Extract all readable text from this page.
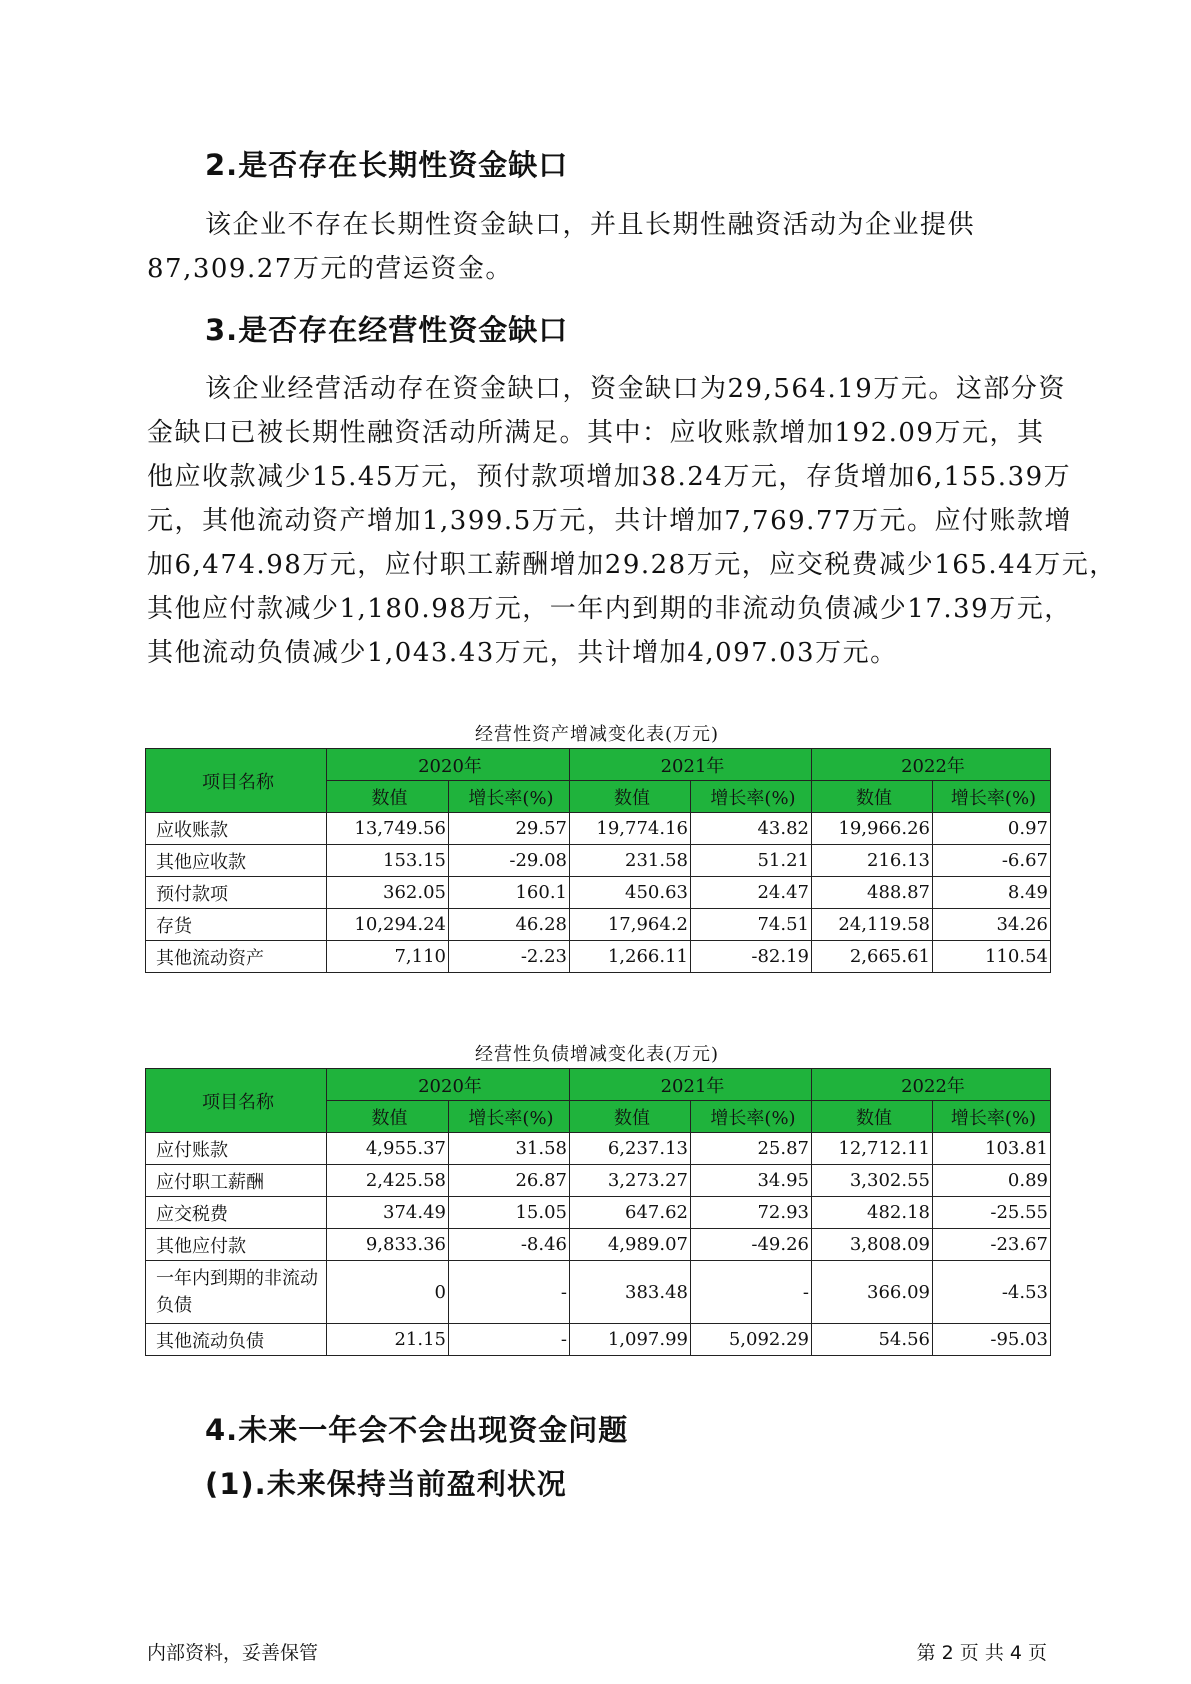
2.是否存在长期性资金缺口
该企业不存在长期性资金缺口，并且长期性融资活动为企业提供
87,309.27万元的营运资金。
3.是否存在经营性资金缺口
该企业经营活动存在资金缺口，资金缺口为29,564.19万元。这部分资
金缺口已被长期性融资活动所满足。其中：应收账款增加192.09万元，其
他应收款减少15.45万元，预付款项增加38.24万元，存货增加6,155.39万
元，其他流动资产增加1,399.5万元，共计增加7,769.77万元。应付账款增
加6,474.98万元，应付职工薪酬增加29.28万元，应交税费减少165.44万元，
其他应付款减少1,180.98万元，一年内到期的非流动负债减少17.39万元，
其他流动负债减少1,043.43万元，共计增加4,097.03万元。
经营性资产增减变化表(万元)
项目名称	2020年		2021年		2022年	
	数值	增长率(%)	数值	增长率(%)	数值	增长率(%)
应收账款	13,749.56	29.57	19,774.16	43.82	19,966.26	0.97
其他应收款	153.15	-29.08	231.58	51.21	216.13	-6.67
预付款项	362.05	160.1	450.63	24.47	488.87	8.49
存货	10,294.24	46.28	17,964.2	74.51	24,119.58	34.26
其他流动资产	7,110	-2.23	1,266.11	-82.19	2,665.61	110.54
经营性负债增减变化表(万元)
项目名称	2020年		2021年		2022年	
	数值	增长率(%)	数值	增长率(%)	数值	增长率(%)
应付账款	4,955.37	31.58	6,237.13	25.87	12,712.11	103.81
应付职工薪酬	2,425.58	26.87	3,273.27	34.95	3,302.55	0.89
应交税费	374.49	15.05	647.62	72.93	482.18	-25.55
其他应付款	9,833.36	-8.46	4,989.07	-49.26	3,808.09	-23.67
一年内到期的非流动负债	0	-	383.48	-	366.09	-4.53
其他流动负债	21.15	-	1,097.99	5,092.29	54.56	-95.03
4.未来一年会不会出现资金问题
(1).未来保持当前盈利状况
内部资料，妥善保管	第 2 页 共 4 页
